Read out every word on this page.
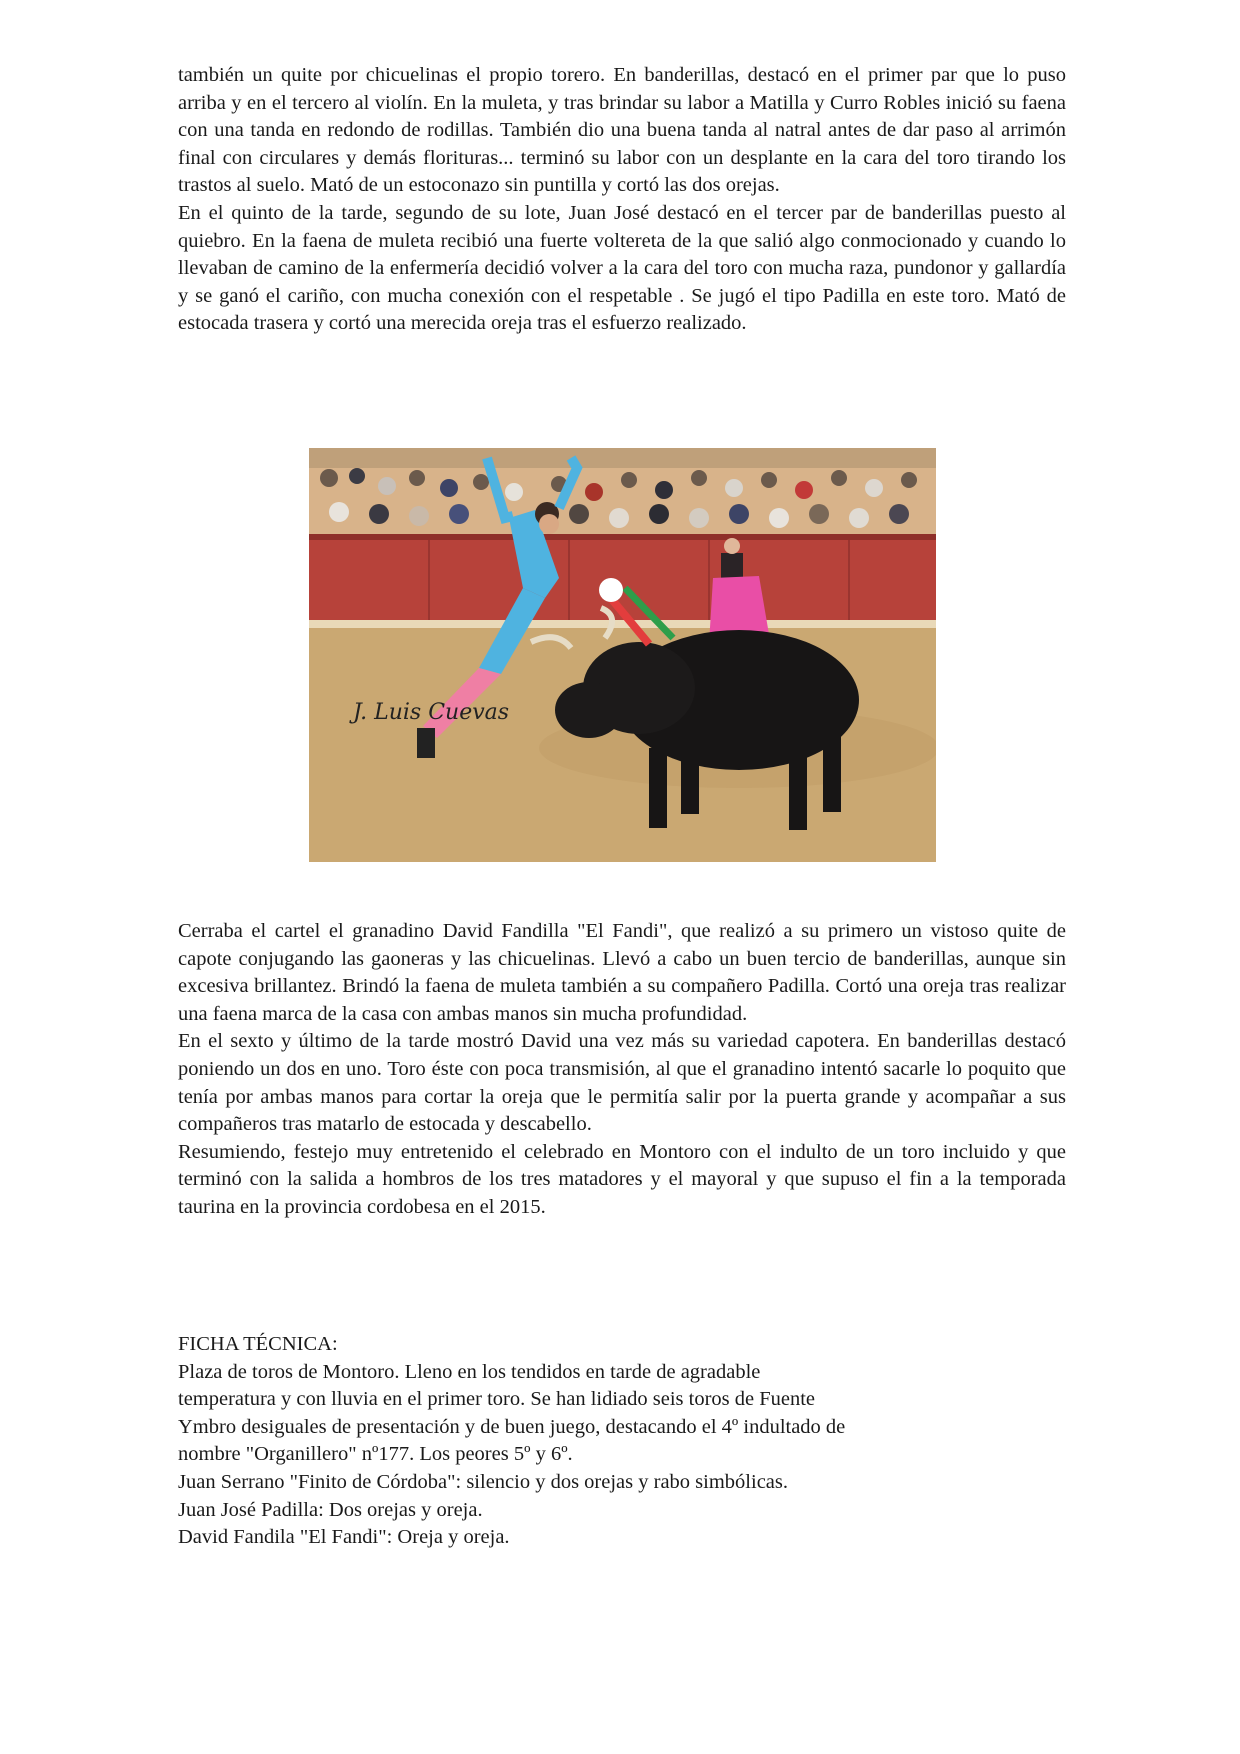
también un quite por chicuelinas el propio torero. En banderillas, destacó en el primer par que lo puso arriba y en el tercero al violín. En la muleta, y tras brindar su labor a Matilla y Curro Robles inició su faena con una tanda en redondo de rodillas. También dio una buena tanda al natral antes de dar paso al arrimón final con circulares y demás florituras... terminó su labor con un desplante en la cara del toro tirando los trastos al suelo. Mató de un estoconazo sin puntilla y cortó las dos orejas.

En el quinto de la tarde, segundo de su lote, Juan José destacó en el tercer par de banderillas puesto al quiebro. En la faena de muleta recibió una fuerte voltereta de la que salió algo conmocionado y cuando lo llevaban de camino de la enfermería decidió volver a la cara del toro con mucha raza, pundonor y gallardía y se ganó el cariño, con mucha conexión con el respetable . Se jugó el tipo Padilla en este toro. Mató de estocada trasera y cortó una merecida oreja tras el esfuerzo realizado.

J. Luis Cuevas

Cerraba el cartel el granadino David Fandilla "El Fandi", que realizó a su primero un vistoso quite de capote conjugando las gaoneras y las chicuelinas. Llevó a cabo un buen tercio de banderillas, aunque sin excesiva brillantez. Brindó la faena de muleta también a su compañero Padilla. Cortó una oreja tras realizar una faena marca de la casa con ambas manos sin mucha profundidad.

En el sexto y último de la tarde mostró David una vez más su variedad capotera. En banderillas destacó poniendo un dos en uno. Toro éste con poca transmisión, al que el granadino intentó sacarle lo poquito que tenía por ambas manos para cortar la oreja que le permitía salir por la puerta grande y acompañar a sus compañeros tras matarlo de estocada y descabello.

Resumiendo, festejo muy entretenido el celebrado en Montoro con el indulto de un toro incluido y que terminó con la salida a hombros de los tres matadores y el mayoral y que supuso el fin a la temporada taurina en la provincia cordobesa en el 2015.

FICHA TÉCNICA:

Plaza de toros de Montoro. Lleno en los tendidos en tarde de agradable

temperatura y con lluvia en el primer toro. Se han lidiado seis toros de Fuente

Ymbro desiguales de presentación y de buen juego, destacando el 4º indultado de

nombre "Organillero" nº177. Los peores 5º y 6º.

Juan Serrano "Finito de Córdoba": silencio y dos orejas y rabo simbólicas.

Juan José Padilla: Dos orejas y oreja.

David Fandila "El Fandi": Oreja y oreja.
